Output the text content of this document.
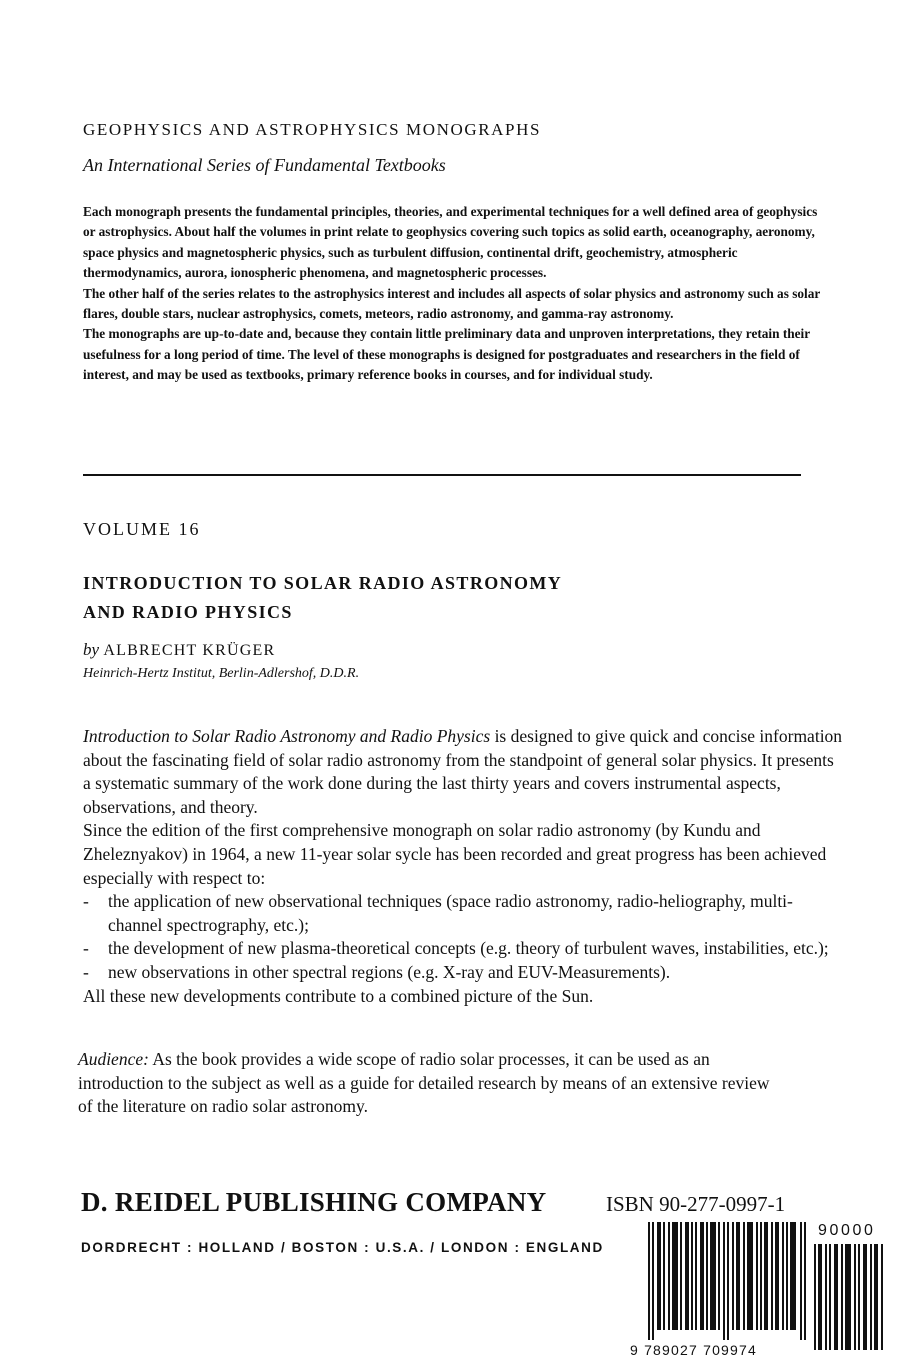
GEOPHYSICS AND ASTROPHYSICS MONOGRAPHS
An International Series of Fundamental Textbooks

Each monograph presents the fundamental principles, theories, and experimental techniques for a well defined area of geophysics or astrophysics. About half the volumes in print relate to geophysics covering such topics as solid earth, oceanography, aeronomy, space physics and magnetospheric physics, such as turbulent diffusion, continental drift, geochemistry, atmospheric thermodynamics, aurora, ionospheric phenomena, and magnetospheric processes.

The other half of the series relates to the astrophysics interest and includes all aspects of solar physics and astronomy such as solar flares, double stars, nuclear astrophysics, comets, meteors, radio astronomy, and gamma-ray astronomy.

The monographs are up-to-date and, because they contain little preliminary data and unproven interpretations, they retain their usefulness for a long period of time. The level of these monographs is designed for postgraduates and researchers in the field of interest, and may be used as textbooks, primary reference books in courses, and for individual study.

VOLUME 16
INTRODUCTION TO SOLAR RADIO ASTRONOMY
AND RADIO PHYSICS
by ALBRECHT KRÜGER
Heinrich-Hertz Institut, Berlin-Adlershof, D.D.R.

Introduction to Solar Radio Astronomy and Radio Physics is designed to give quick and concise information about the fascinating field of solar radio astronomy from the standpoint of general solar physics. It presents a systematic summary of the work done during the last thirty years and covers instrumental aspects, observations, and theory.

Since the edition of the first comprehensive monograph on solar radio astronomy (by Kundu and Zheleznyakov) in 1964, a new 11-year solar sycle has been recorded and great progress has been achieved especially with respect to:

- the application of new observational techniques (space radio astronomy, radio-heliography, multi-channel spectrography, etc.);
- the development of new plasma-theoretical concepts (e.g. theory of turbulent waves, instabilities, etc.);
- new observations in other spectral regions (e.g. X-ray and EUV-Measurements).

All these new developments contribute to a combined picture of the Sun.

Audience: As the book provides a wide scope of radio solar processes, it can be used as an introduction to the subject as well as a guide for detailed research by means of an extensive review of the literature on radio solar astronomy.

D. REIDEL PUBLISHING COMPANY	ISBN 90-277-0997-1
DORDRECHT : HOLLAND / BOSTON : U.S.A. / LONDON : ENGLAND
9 789027 709974
90000
